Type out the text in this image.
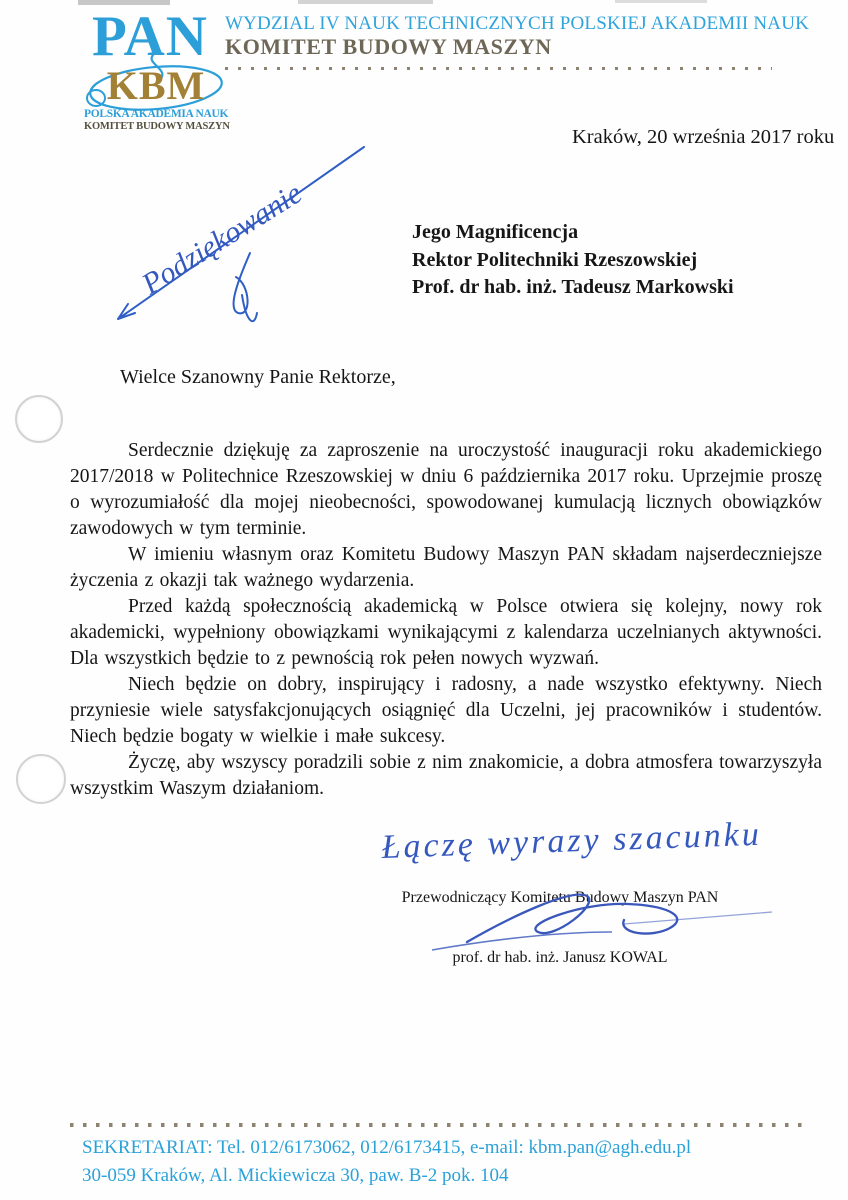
PAN
KBM
POLSKA AKADEMIA NAUK
KOMITET BUDOWY MASZYN
WYDZIAL IV NAUK TECHNICZNYCH POLSKIEJ AKADEMII NAUK
KOMITET BUDOWY MASZYN
Kraków, 20 września 2017 roku
Podziękowanie	Jego Magnificencja
Rektor Politechniki Rzeszowskiej
Prof. dr hab. inż. Tadeusz Markowski
Wielce Szanowny Panie Rektorze,

Serdecznie dziękuję za zaproszenie na uroczystość inauguracji roku akademickiego 2017/2018 w Politechnice Rzeszowskiej w dniu 6 października 2017 roku. Uprzejmie proszę o wyrozumiałość dla mojej nieobecności, spowodowanej kumulacją licznych obowiązków zawodowych w tym terminie.

W imieniu własnym oraz Komitetu Budowy Maszyn PAN składam najserdeczniejsze życzenia z okazji tak ważnego wydarzenia.

Przed każdą społecznością akademicką w Polsce otwiera się kolejny, nowy rok akademicki, wypełniony obowiązkami wynikającymi z kalendarza uczelnianych aktywności. Dla wszystkich będzie to z pewnością rok pełen nowych wyzwań.

Niech będzie on dobry, inspirujący i radosny, a nade wszystko efektywny. Niech przyniesie wiele satysfakcjonujących osiągnięć dla Uczelni, jej pracowników i studentów. Niech będzie bogaty w wielkie i małe sukcesy.

Życzę, aby wszyscy poradzili sobie z nim znakomicie, a dobra atmosfera towarzyszyła wszystkim Waszym działaniom.

Przewodniczący Komitetu Budowy Maszyn PAN

prof. dr hab. inż. Janusz KOWAL

Łączę wyrazy szacunku
SEKRETARIAT: Tel. 012/6173062, 012/6173415, e-mail: kbm.pan@agh.edu.pl
30-059 Kraków, Al. Mickiewicza 30, paw. B-2 pok. 104
